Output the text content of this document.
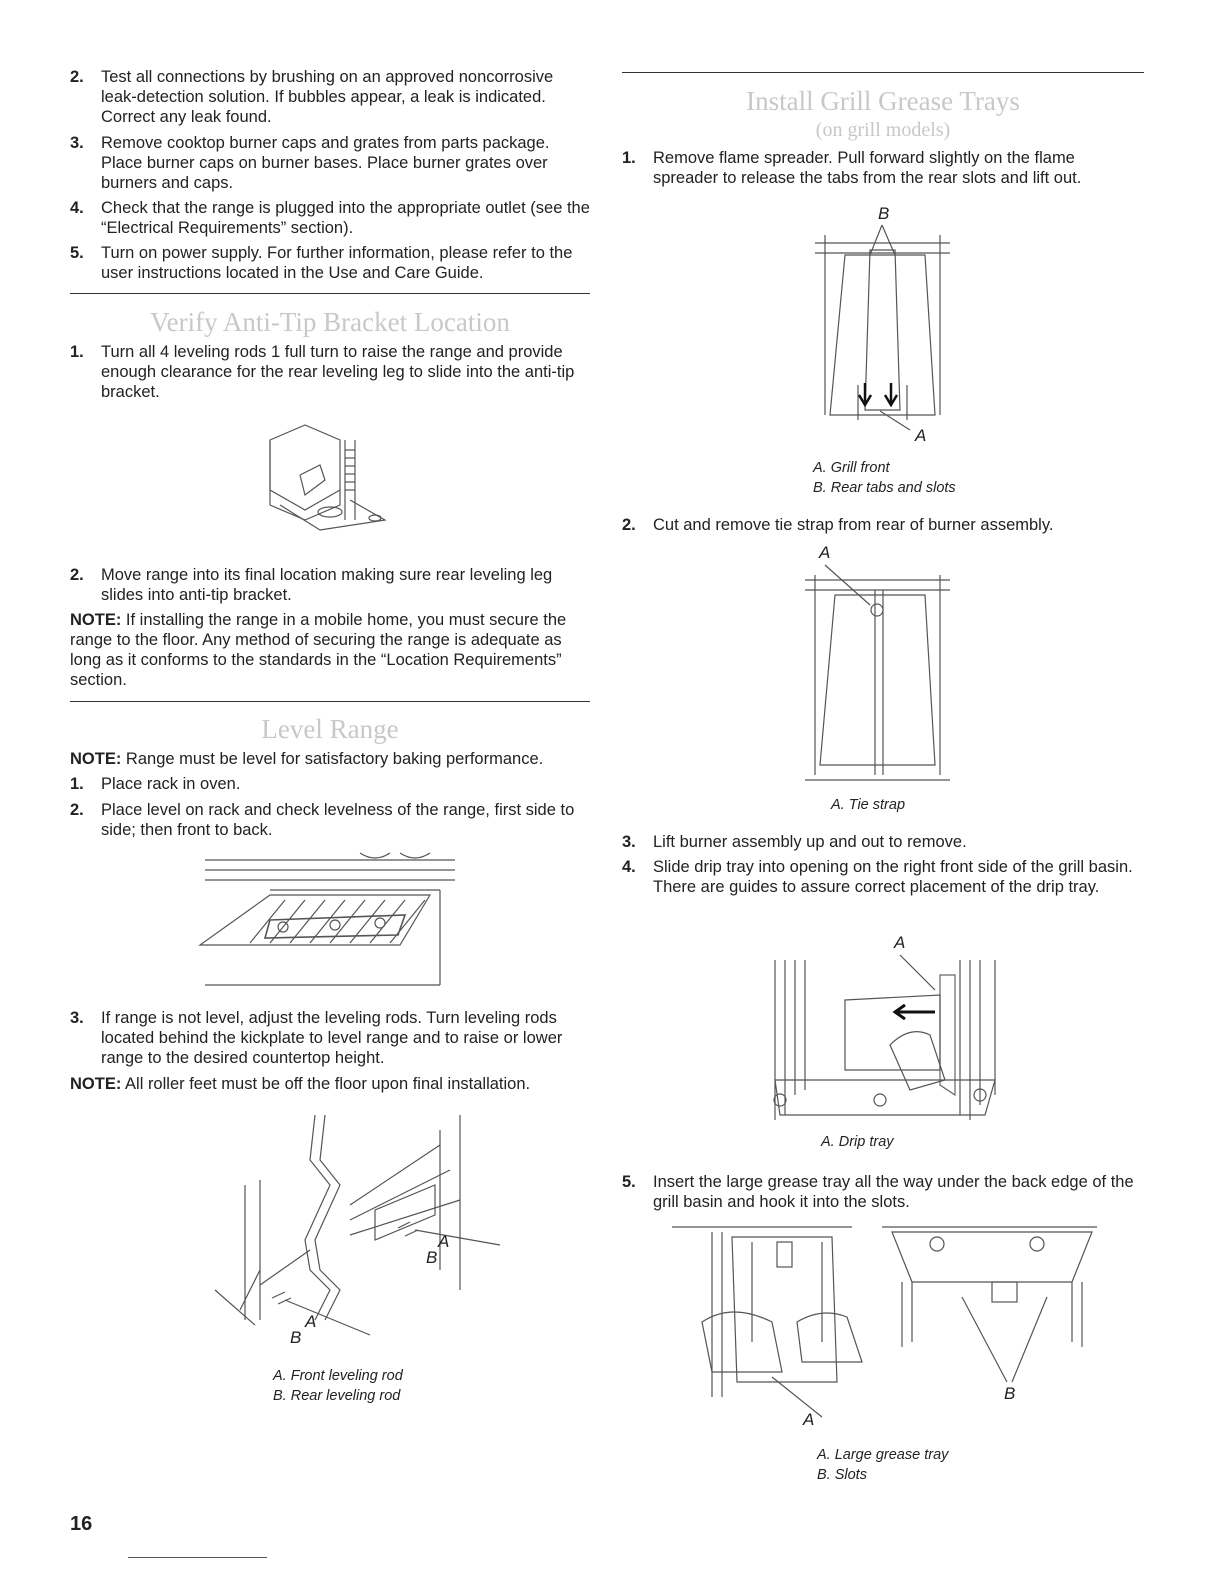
2. Test all connections by brushing on an approved noncorrosive leak-detection solution. If bubbles appear, a leak is indicated. Correct any leak found.
3. Remove cooktop burner caps and grates from parts package. Place burner caps on burner bases. Place burner grates over burners and caps.
4. Check that the range is plugged into the appropriate outlet (see the “Electrical Requirements” section).
5. Turn on power supply. For further information, please refer to the user instructions located in the Use and Care Guide.
Verify Anti-Tip Bracket Location
1. Turn all 4 leveling rods 1 full turn to raise the range and provide enough clearance for the rear leveling leg to slide into the anti-tip bracket.
2. Move range into its final location making sure rear leveling leg slides into anti-tip bracket.
NOTE: If installing the range in a mobile home, you must secure the range to the floor. Any method of securing the range is adequate as long as it conforms to the standards in the “Location Requirements” section.
Level Range
NOTE: Range must be level for satisfactory baking performance.
1. Place rack in oven.
2. Place level on rack and check levelness of the range, first side to side; then front to back.
3. If range is not level, adjust the leveling rods. Turn leveling rods located behind the kickplate to level range and to raise or lower range to the desired countertop height.
NOTE: All roller feet must be off the floor upon final installation.
A
B
A
B
A. Front leveling rod
B. Rear leveling rod
16
Install Grill Grease Trays
(on grill models)
1. Remove flame spreader. Pull forward slightly on the flame spreader to release the tabs from the rear slots and lift out.
B
A
A. Grill front
B. Rear tabs and slots
2. Cut and remove tie strap from rear of burner assembly.
A
A. Tie strap
3. Lift burner assembly up and out to remove.
4. Slide drip tray into opening on the right front side of the grill basin. There are guides to assure correct placement of the drip tray.
A
A. Drip tray
5. Insert the large grease tray all the way under the back edge of the grill basin and hook it into the slots.
A
B
A. Large grease tray
B. Slots
